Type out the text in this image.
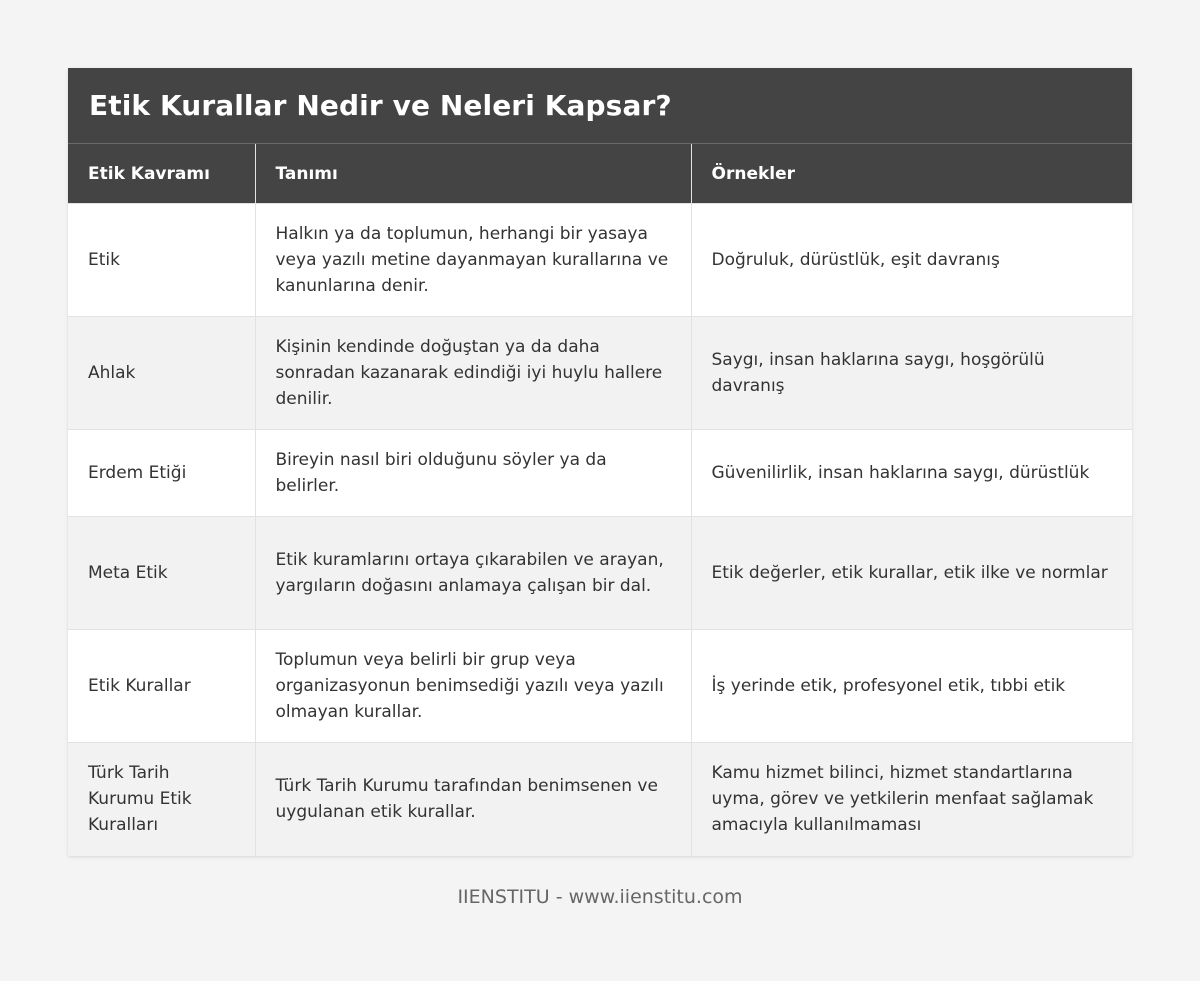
Etik Kurallar Nedir ve Neleri Kapsar?
Etik Kavramı	Tanımı	Örnekler
Etik	Halkın ya da toplumun, herhangi bir yasaya veya yazılı metine dayanmayan kurallarına ve kanunlarına denir.	Doğruluk, dürüstlük, eşit davranış
Ahlak	Kişinin kendinde doğuştan ya da daha sonradan kazanarak edindiği iyi huylu hallere denilir.	Saygı, insan haklarına saygı, hoşgörülü davranış
Erdem Etiği	Bireyin nasıl biri olduğunu söyler ya da belirler.	Güvenilirlik, insan haklarına saygı, dürüstlük
Meta Etik	Etik kuramlarını ortaya çıkarabilen ve arayan, yargıların doğasını anlamaya çalışan bir dal.	Etik değerler, etik kurallar, etik ilke ve normlar
Etik Kurallar	Toplumun veya belirli bir grup veya organizasyonun benimsediği yazılı veya yazılı olmayan kurallar.	İş yerinde etik, profesyonel etik, tıbbi etik
Türk Tarih Kurumu Etik Kuralları	Türk Tarih Kurumu tarafından benimsenen ve uygulanan etik kurallar.	Kamu hizmet bilinci, hizmet standartlarına uyma, görev ve yetkilerin menfaat sağlamak amacıyla kullanılmaması
IIENSTITU - www.iienstitu.com
